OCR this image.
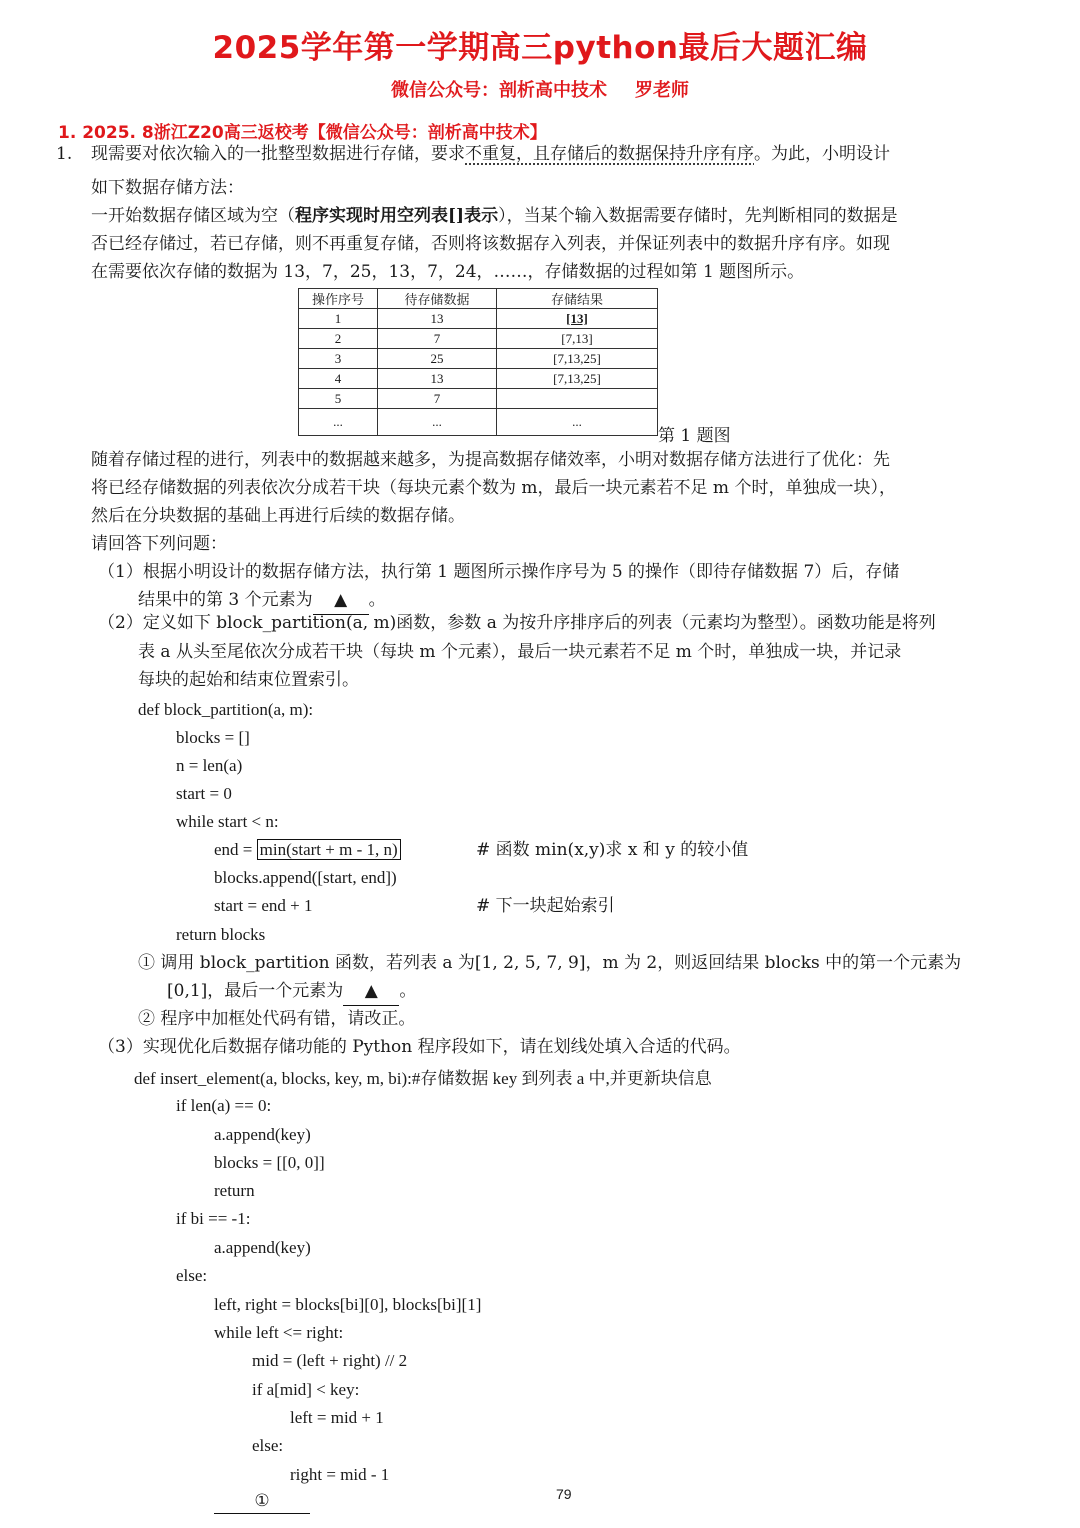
2025学年第一学期高三python最后大题汇编
微信公众号：剖析高中技术 罗老师
1. 2025. 8浙江Z20高三返校考【微信公众号：剖析高中技术】
1. 现需要对依次输入的一批整型数据进行存储，要求不重复，且存储后的数据保持升序有序。为此，小明设计
如下数据存储方法：
一开始数据存储区域为空（程序实现时用空列表[]表示），当某个输入数据需要存储时，先判断相同的数据是
否已经存储过，若已存储，则不再重复存储，否则将该数据存入列表，并保证列表中的数据升序有序。如现
在需要依次存储的数据为 13，7，25，13，7，24，……，存储数据的过程如第 1 题图所示。
操作序号	待存储数据	存储结果
1	13	[13]
2	7	[7,13]
3	25	[7,13,25]
4	13	[7,13,25]
5	7	
...	...	...
第 1 题图
随着存储过程的进行，列表中的数据越来越多，为提高数据存储效率，小明对数据存储方法进行了优化：先
将已经存储数据的列表依次分成若干块（每块元素个数为 m，最后一块元素若不足 m 个时，单独成一块），
然后在分块数据的基础上再进行后续的数据存储。
请回答下列问题：
（1）根据小明设计的数据存储方法，执行第 1 题图所示操作序号为 5 的操作（即待存储数据 7）后，存储
结果中的第 3 个元素为 ▲ 。
（2）定义如下 block_partition(a, m)函数，参数 a 为按升序排序后的列表（元素均为整型）。函数功能是将列
表 a 从头至尾依次分成若干块（每块 m 个元素），最后一块元素若不足 m 个时，单独成一块，并记录
每块的起始和结束位置索引。
def block_partition(a, m):
blocks = []
n = len(a)
start = 0
while start < n:
end = min(start + m - 1, n)	# 函数 min(x,y)求 x 和 y 的较小值
blocks.append([start, end])
start = end + 1	# 下一块起始索引
return blocks
① 调用 block_partition 函数，若列表 a 为[1, 2, 5, 7, 9]，m 为 2，则返回结果 blocks 中的第一个元素为
[0,1]，最后一个元素为 ▲ 。
② 程序中加框处代码有错，请改正。
（3）实现优化后数据存储功能的 Python 程序段如下，请在划线处填入合适的代码。
def insert_element(a, blocks, key, m, bi):#存储数据 key 到列表 a 中,并更新块信息
if len(a) == 0:
a.append(key)
blocks = [[0, 0]]
return
if bi == -1:
a.append(key)
else:
left, right = blocks[bi][0], blocks[bi][1]
while left <= right:
mid = (left + right) // 2
if a[mid] < key:
left = mid + 1
else:
right = mid - 1
①	79
